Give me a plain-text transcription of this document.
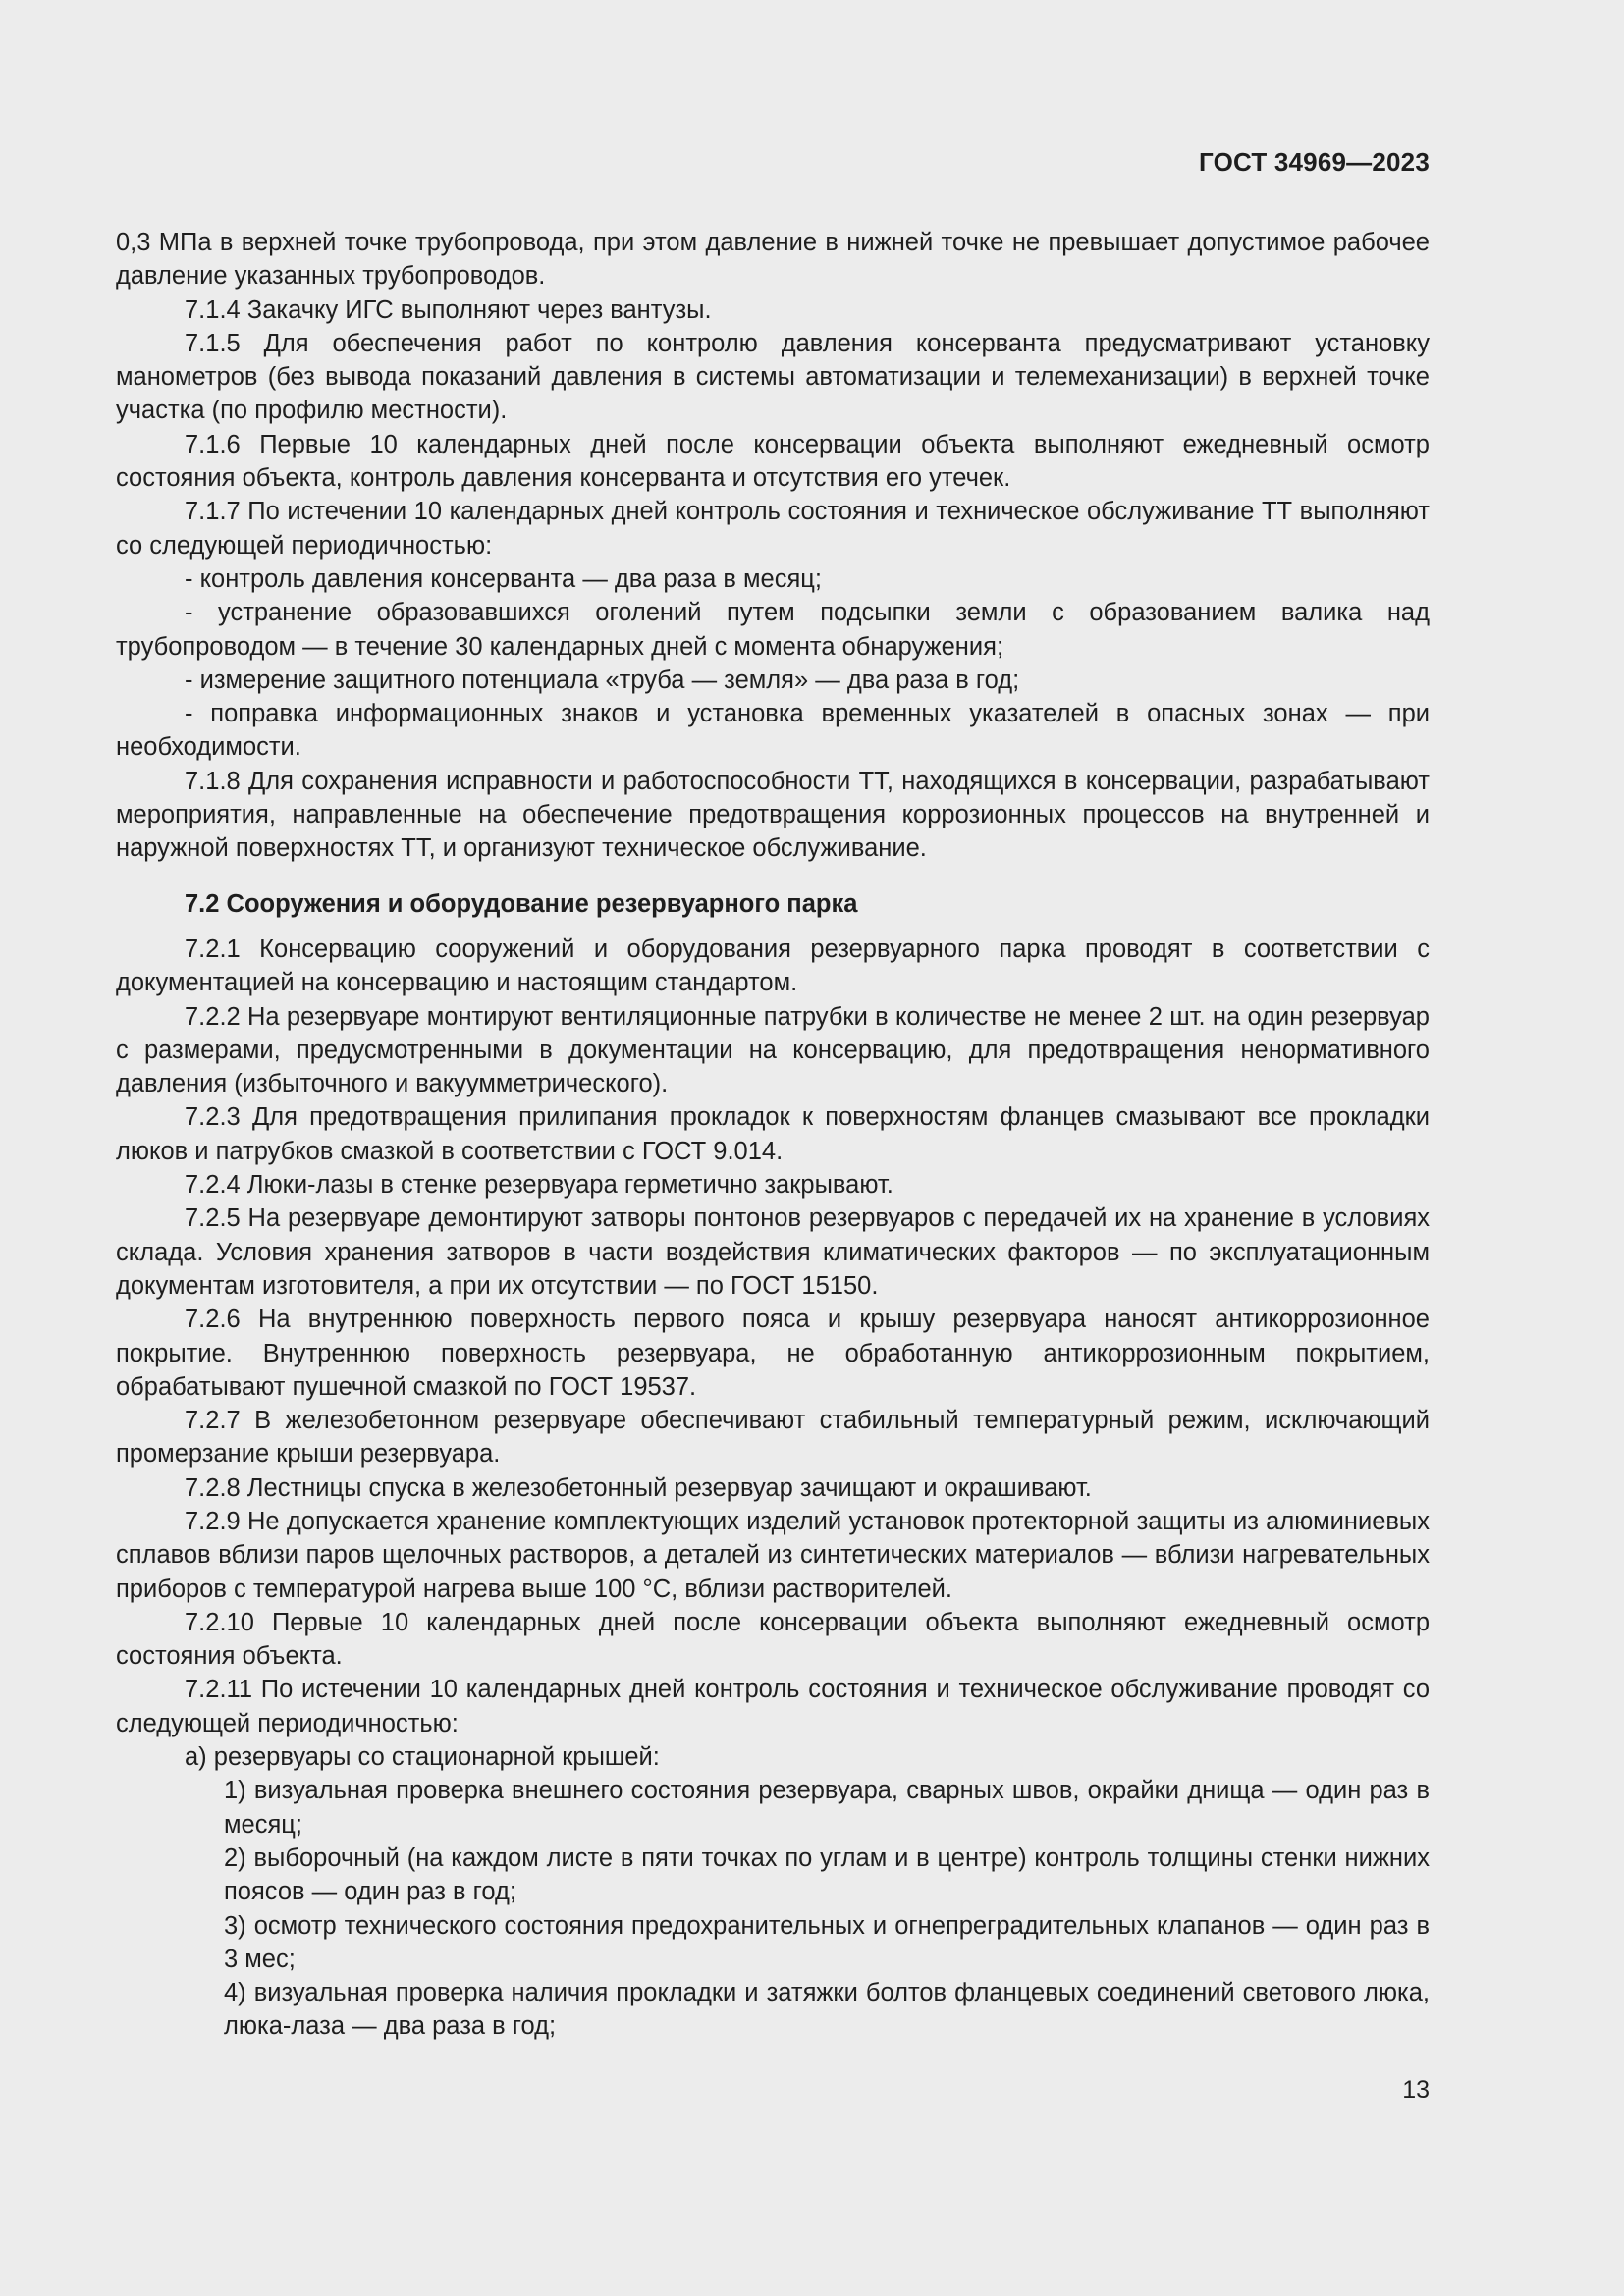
ГОСТ 34969—2023

0,3 МПа в верхней точке трубопровода, при этом давление в нижней точке не превышает допустимое рабочее давление указанных трубопроводов.

7.1.4 Закачку ИГС выполняют через вантузы.

7.1.5 Для обеспечения работ по контролю давления консерванта предусматривают установку манометров (без вывода показаний давления в системы автоматизации и телемеханизации) в верхней точке участка (по профилю местности).

7.1.6 Первые 10 календарных дней после консервации объекта выполняют ежедневный осмотр состояния объекта, контроль давления консерванта и отсутствия его утечек.

7.1.7 По истечении 10 календарных дней контроль состояния и техническое обслуживание ТТ выполняют со следующей периодичностью:

- контроль давления консерванта — два раза в месяц;

- устранение образовавшихся оголений путем подсыпки земли с образованием валика над трубопроводом — в течение 30 календарных дней с момента обнаружения;

- измерение защитного потенциала «труба — земля» — два раза в год;

- поправка информационных знаков и установка временных указателей в опасных зонах — при необходимости.

7.1.8 Для сохранения исправности и работоспособности ТТ, находящихся в консервации, разрабатывают мероприятия, направленные на обеспечение предотвращения коррозионных процессов на внутренней и наружной поверхностях ТТ, и организуют техническое обслуживание.

7.2 Сооружения и оборудование резервуарного парка

7.2.1 Консервацию сооружений и оборудования резервуарного парка проводят в соответствии с документацией на консервацию и настоящим стандартом.

7.2.2 На резервуаре монтируют вентиляционные патрубки в количестве не менее 2 шт. на один резервуар с размерами, предусмотренными в документации на консервацию, для предотвращения ненормативного давления (избыточного и вакуумметрического).

7.2.3 Для предотвращения прилипания прокладок к поверхностям фланцев смазывают все прокладки люков и патрубков смазкой в соответствии с ГОСТ 9.014.

7.2.4 Люки-лазы в стенке резервуара герметично закрывают.

7.2.5 На резервуаре демонтируют затворы понтонов резервуаров с передачей их на хранение в условиях склада. Условия хранения затворов в части воздействия климатических факторов — по эксплуатационным документам изготовителя, а при их отсутствии — по ГОСТ 15150.

7.2.6 На внутреннюю поверхность первого пояса и крышу резервуара наносят антикоррозионное покрытие. Внутреннюю поверхность резервуара, не обработанную антикоррозионным покрытием, обрабатывают пушечной смазкой по ГОСТ 19537.

7.2.7 В железобетонном резервуаре обеспечивают стабильный температурный режим, исключающий промерзание крыши резервуара.

7.2.8 Лестницы спуска в железобетонный резервуар зачищают и окрашивают.

7.2.9 Не допускается хранение комплектующих изделий установок протекторной защиты из алюминиевых сплавов вблизи паров щелочных растворов, а деталей из синтетических материалов — вблизи нагревательных приборов с температурой нагрева выше 100 °С, вблизи растворителей.

7.2.10 Первые 10 календарных дней после консервации объекта выполняют ежедневный осмотр состояния объекта.

7.2.11 По истечении 10 календарных дней контроль состояния и техническое обслуживание проводят со следующей периодичностью:

а) резервуары со стационарной крышей:

1) визуальная проверка внешнего состояния резервуара, сварных швов, окрайки днища — один раз в месяц;

2) выборочный (на каждом листе в пяти точках по углам и в центре) контроль толщины стенки нижних поясов — один раз в год;

3) осмотр технического состояния предохранительных и огнепреградительных клапанов — один раз в 3 мес;

4) визуальная проверка наличия прокладки и затяжки болтов фланцевых соединений светового люка, люка-лаза — два раза в год;

13
